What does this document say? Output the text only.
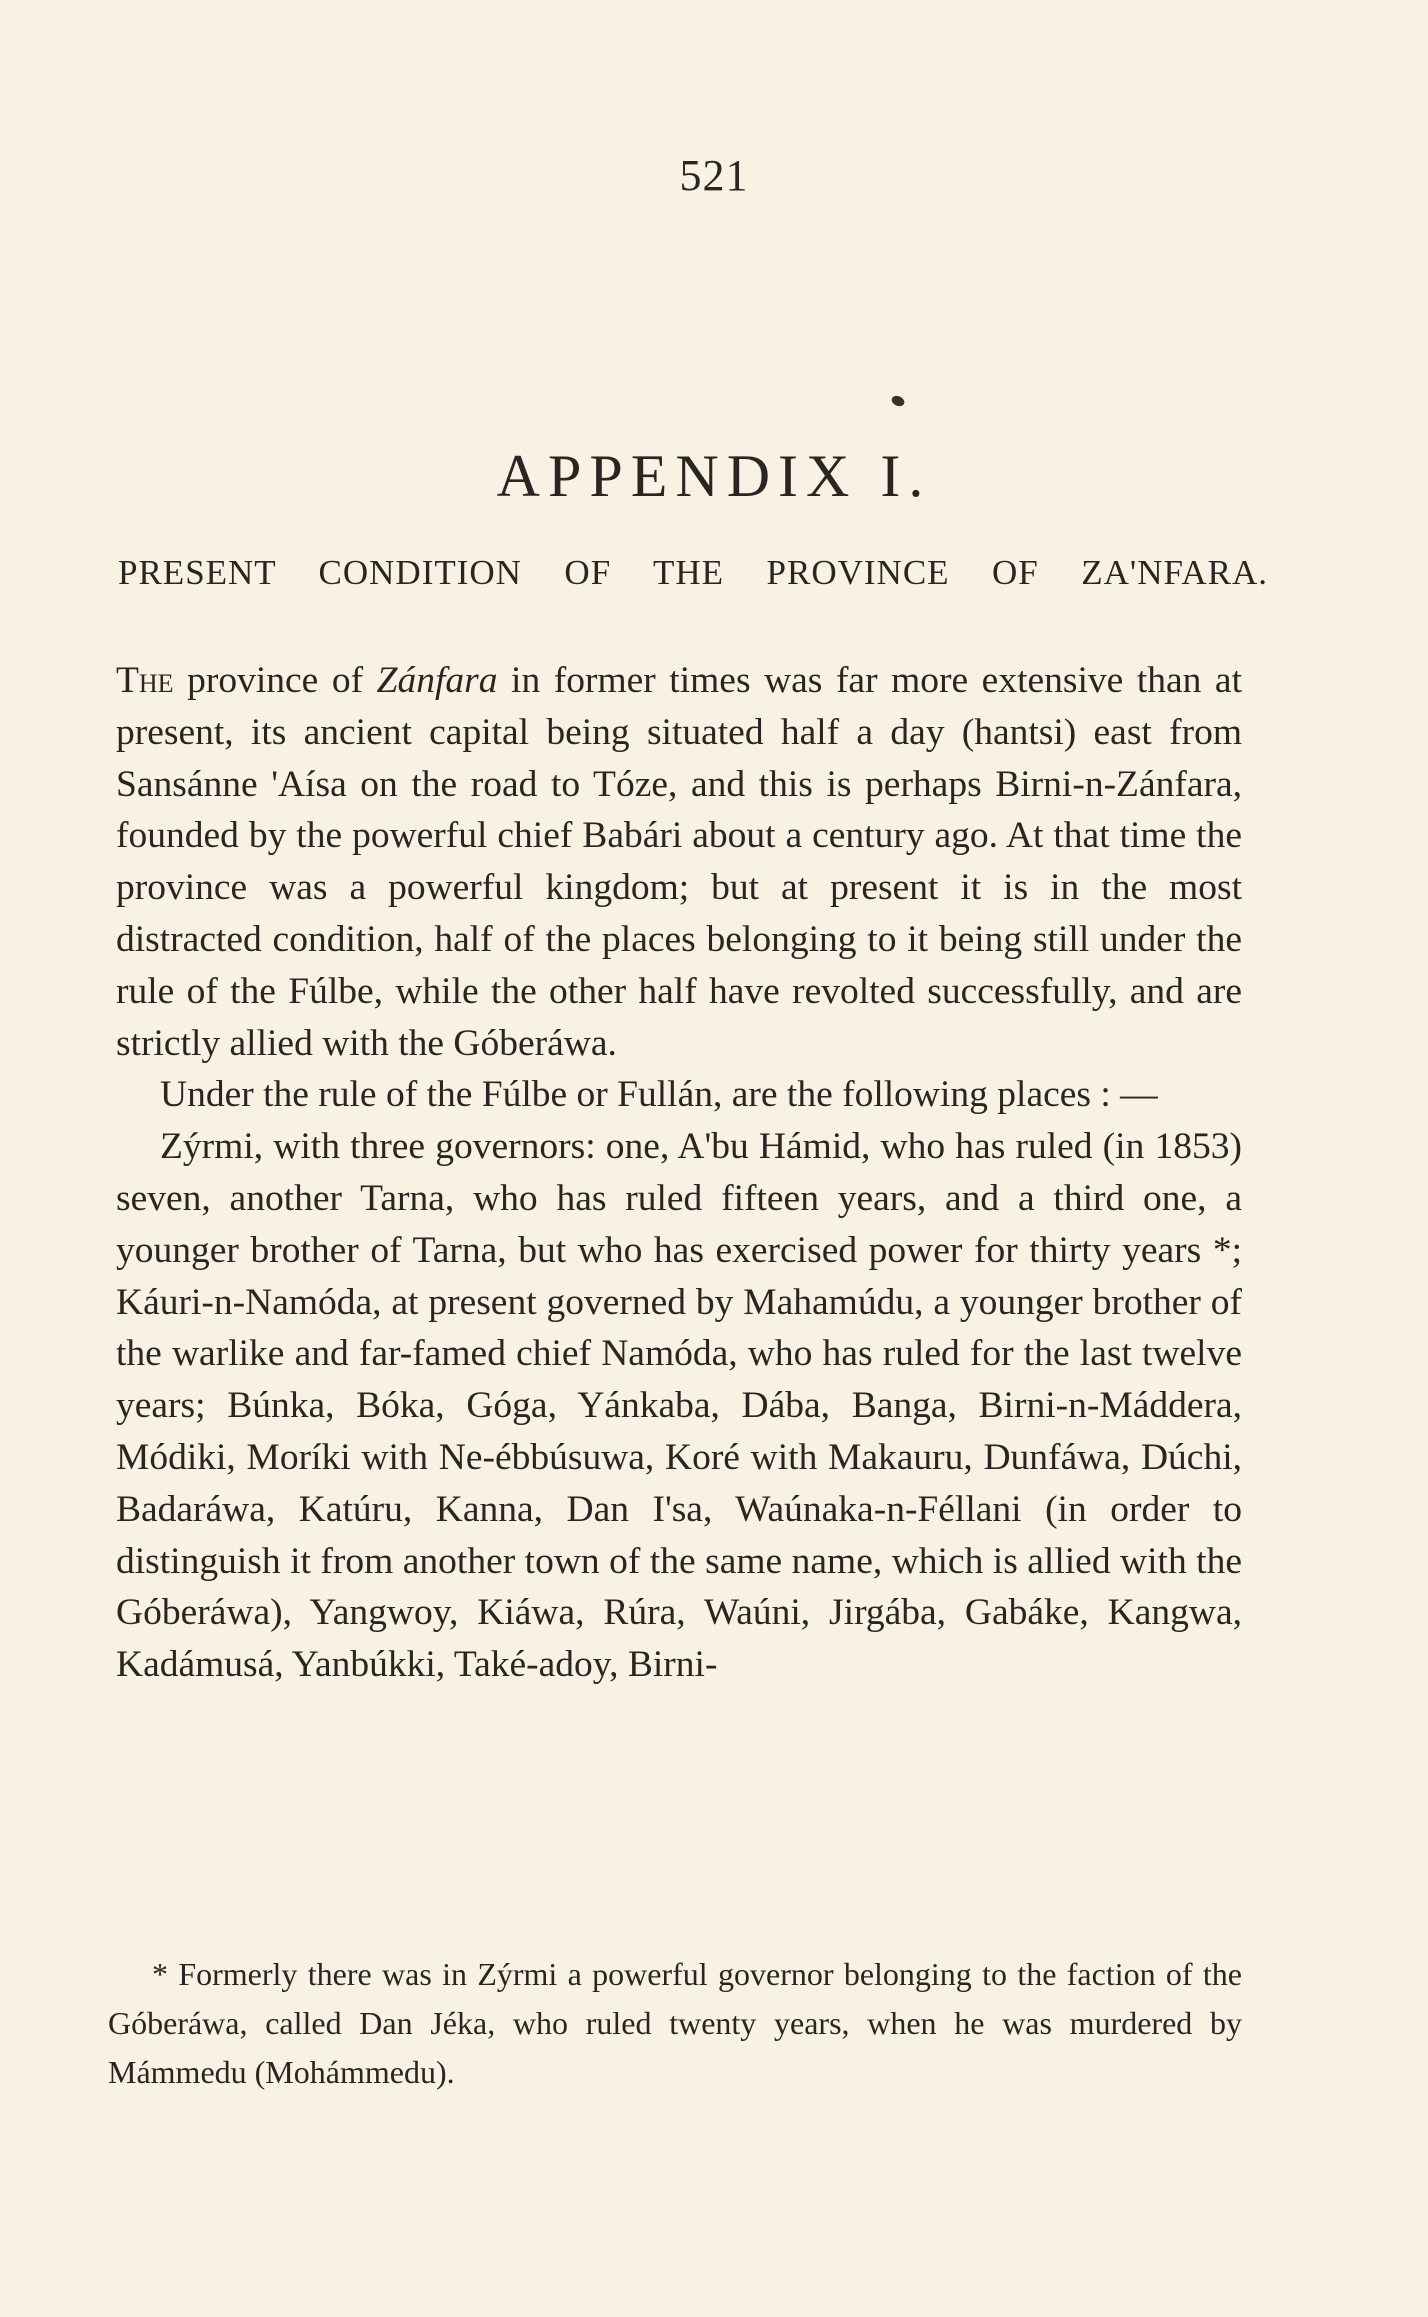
521
APPENDIX I.
PRESENT CONDITION OF THE PROVINCE OF ZA'NFARA.

The province of Zánfara in former times was far more extensive than at present, its ancient capital being situated half a day (hantsi) east from Sansánne 'Aísa on the road to Tóze, and this is perhaps Birni-n-Zánfara, founded by the powerful chief Babári about a century ago. At that time the province was a powerful kingdom; but at present it is in the most distracted condition, half of the places belonging to it being still under the rule of the Fúlbe, while the other half have revolted successfully, and are strictly allied with the Góberáwa.

Under the rule of the Fúlbe or Fullán, are the following places : —

Zýrmi, with three governors: one, A'bu Hámid, who has ruled (in 1853) seven, another Tarna, who has ruled fifteen years, and a third one, a younger brother of Tarna, but who has exercised power for thirty years *; Káuri-n-Namóda, at present governed by Mahamúdu, a younger brother of the warlike and far-famed chief Namóda, who has ruled for the last twelve years; Búnka, Bóka, Góga, Yánkaba, Dába, Banga, Birni-n-Máddera, Módiki, Moríki with Ne-ébbúsuwa, Koré with Makauru, Dunfáwa, Dúchi, Badaráwa, Katúru, Kanna, Dan I'sa, Waúnaka-n-Féllani (in order to distinguish it from another town of the same name, which is allied with the Góberáwa), Yangwoy, Kiáwa, Rúra, Waúni, Jirgába, Gabáke, Kangwa, Kadámusá, Yanbúkki, Také-adoy, Birni-

* Formerly there was in Zýrmi a powerful governor belonging to the faction of the Góberáwa, called Dan Jéka, who ruled twenty years, when he was murdered by Mámmedu (Mohámmedu).
